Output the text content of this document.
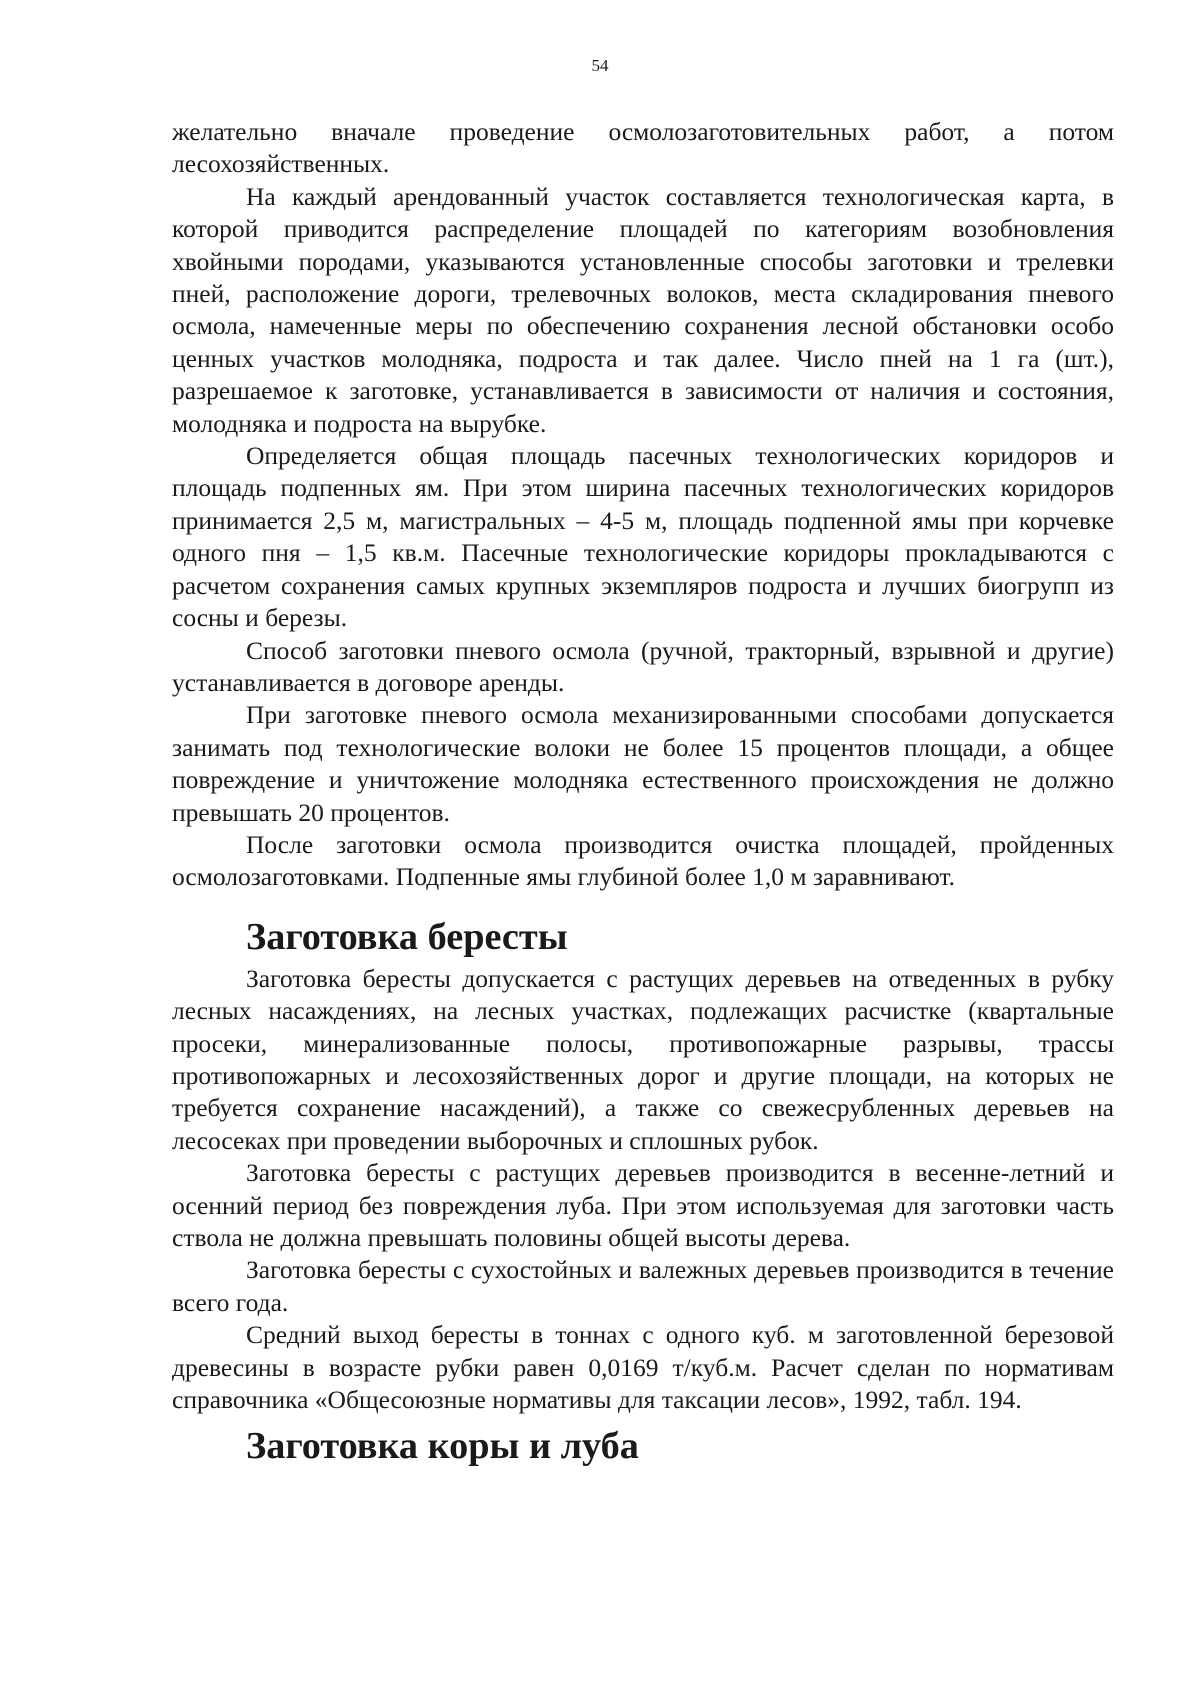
54

желательно вначале проведение осмолозаготовительных работ, а потом лесохозяйственных.

На каждый арендованный участок составляется технологическая карта, в которой приводится распределение площадей по категориям возобновления хвойными породами, указываются установленные способы заготовки и трелевки пней, расположение дороги, трелевочных волоков, места складирования пневого осмола, намеченные меры по обеспечению сохранения лесной обстановки особо ценных участков молодняка, подроста и так далее. Число пней на 1 га (шт.), разрешаемое к заготовке, устанавливается в зависимости от наличия и состояния, молодняка и подроста на вырубке.

Определяется общая площадь пасечных технологических коридоров и площадь подпенных ям. При этом ширина пасечных технологических коридоров принимается 2,5 м, магистральных – 4-5 м, площадь подпенной ямы при корчевке одного пня – 1,5 кв.м. Пасечные технологические коридоры прокладываются с расчетом сохранения самых крупных экземпляров подроста и лучших биогрупп из сосны и березы.

Способ заготовки пневого осмола (ручной, тракторный, взрывной и другие) устанавливается в договоре аренды.

При заготовке пневого осмола механизированными способами допускается занимать под технологические волоки не более 15 процентов площади, а общее повреждение и уничтожение молодняка естественного происхождения не должно превышать 20 процентов.

После заготовки осмола производится очистка площадей, пройденных осмолозаготовками. Подпенные ямы глубиной более 1,0 м заравнивают.

Заготовка бересты

Заготовка бересты допускается с растущих деревьев на отведенных в рубку лесных насаждениях, на лесных участках, подлежащих расчистке (квартальные просеки, минерализованные полосы, противопожарные разрывы, трассы противопожарных и лесохозяйственных дорог и другие площади, на которых не требуется сохранение насаждений), а также со свежесрубленных деревьев на лесосеках при проведении выборочных и сплошных рубок.

Заготовка бересты с растущих деревьев производится в весенне-летний и осенний период без повреждения луба. При этом используемая для заготовки часть ствола не должна превышать половины общей высоты дерева.

Заготовка бересты с сухостойных и валежных деревьев производится в течение всего года.

Средний выход бересты в тоннах с одного куб. м заготовленной березовой древесины в возрасте рубки равен 0,0169 т/куб.м. Расчет сделан по нормативам справочника «Общесоюзные нормативы для таксации лесов», 1992, табл. 194.

Заготовка коры и луба
